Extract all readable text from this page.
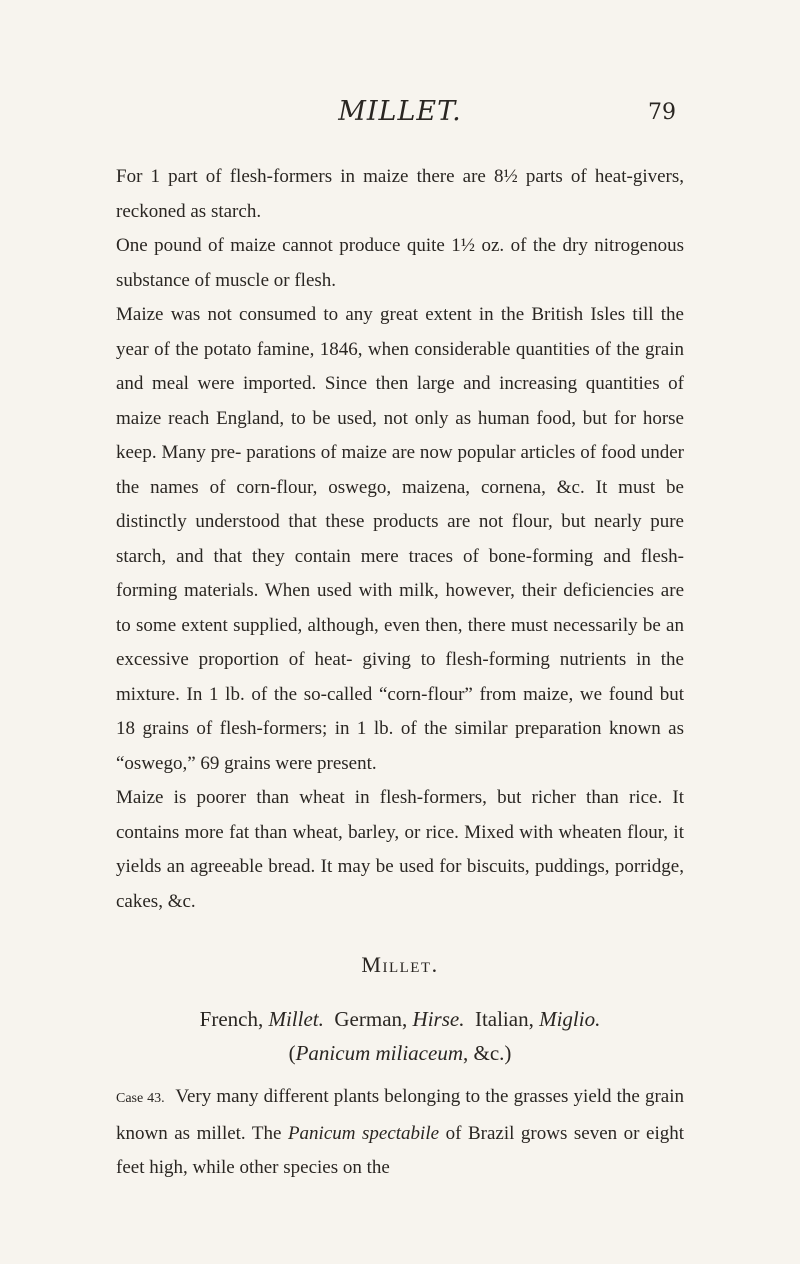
MILLET.	79

For 1 part of flesh-formers in maize there are 8½ parts of heat-givers, reckoned as starch.

One pound of maize cannot produce quite 1½ oz. of the dry nitrogenous substance of muscle or flesh.

Maize was not consumed to any great extent in the British Isles till the year of the potato famine, 1846, when considerable quantities of the grain and meal were imported. Since then large and increasing quantities of maize reach England, to be used, not only as human food, but for horse keep. Many pre- parations of maize are now popular articles of food under the names of corn-flour, oswego, maizena, cornena, &c. It must be distinctly understood that these products are not flour, but nearly pure starch, and that they contain mere traces of bone-forming and flesh-forming materials. When used with milk, however, their deficiencies are to some extent supplied, although, even then, there must necessarily be an excessive proportion of heat- giving to flesh-forming nutrients in the mixture. In 1 lb. of the so-called “corn-flour” from maize, we found but 18 grains of flesh-formers; in 1 lb. of the similar preparation known as “oswego,” 69 grains were present.

Maize is poorer than wheat in flesh-formers, but richer than rice. It contains more fat than wheat, barley, or rice. Mixed with wheaten flour, it yields an agreeable bread. It may be used for biscuits, puddings, porridge, cakes, &c.

Millet.
French, Millet. German, Hirse. Italian, Miglio.
(Panicum miliaceum, &c.)
Case 43. Very many different plants belonging to the grasses yield the grain known as millet. The Panicum spectabile of Brazil grows seven or eight feet high, while other species on the
